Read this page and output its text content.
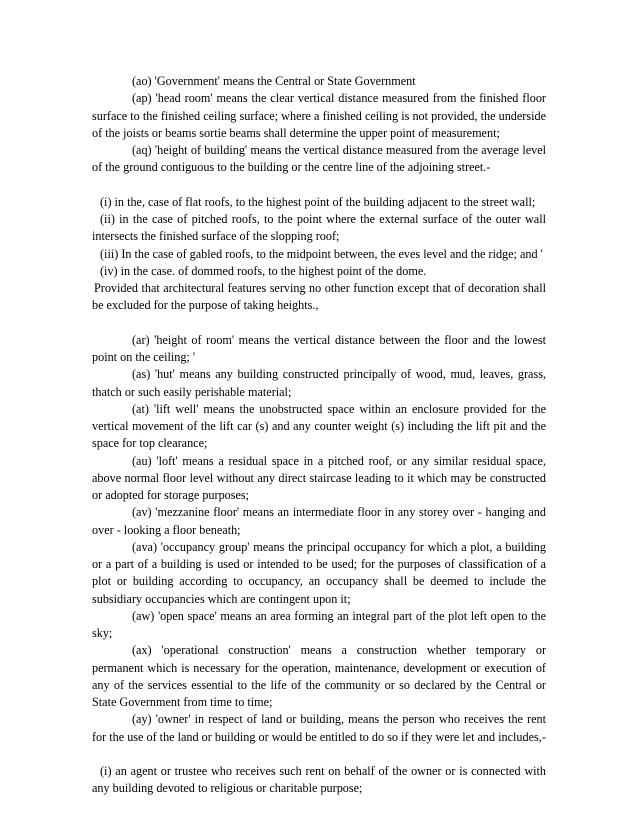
(ao) 'Government' means the Central or State Government

(ap) 'head room' means the clear vertical distance measured from the finished floor surface to the finished ceiling surface; where a finished ceiling is not provided, the underside of the joists or beams sortie beams shall determine the upper point of measurement;

(aq) 'height of building' means the vertical distance measured from the average level of the ground contiguous to the building or the centre line of the adjoining street.-

(i) in the, case of flat roofs, to the highest point of the building adjacent to the street wall;

(ii) in the case of pitched roofs, to the point where the external surface of the outer wall intersects the finished surface of the slopping roof;

(iii) In the case of gabled roofs, to the midpoint between, the eves level and the ridge; and '

(iv) in the case. of dommed roofs, to the highest point of the dome.

Provided that architectural features serving no other function except that of decoration shall be excluded for the purpose of taking heights.,

(ar) 'height of room' means the vertical distance between the floor and the lowest point on the ceiling; '

(as) 'hut' means any building constructed principally of wood, mud, leaves, grass, thatch or such easily perishable material;

(at) 'lift well' means the unobstructed space within an enclosure provided for the vertical movement of the lift car (s) and any counter weight (s) including the lift pit and the space for top clearance;

(au) 'loft' means a residual space in a pitched roof, or any similar residual space, above normal floor level without any direct staircase leading to it which may be constructed or adopted for storage purposes;

(av) 'mezzanine floor' means an intermediate floor in any storey over - hanging and over - looking a floor beneath;

(ava) 'occupancy group' means the principal occupancy for which a plot, a building or a part of a building is used or intended to be used; for the purposes of classification of a plot or building according to occupancy, an occupancy shall be deemed to include the subsidiary occupancies which are contingent upon it;

(aw) 'open space' means an area forming an integral part of the plot left open to the sky;

(ax) 'operational construction' means a construction whether temporary or permanent which is necessary for the operation, maintenance, development or execution of any of the services essential to the life of the community or so declared by the Central or State Government from time to time;

(ay) 'owner' in respect of land or building, means the person who receives the rent for the use of the land or building or would be entitled to do so if they were let and includes,-

(i) an agent or trustee who receives such rent on behalf of the owner or is connected with any building devoted to religious or charitable purpose;
